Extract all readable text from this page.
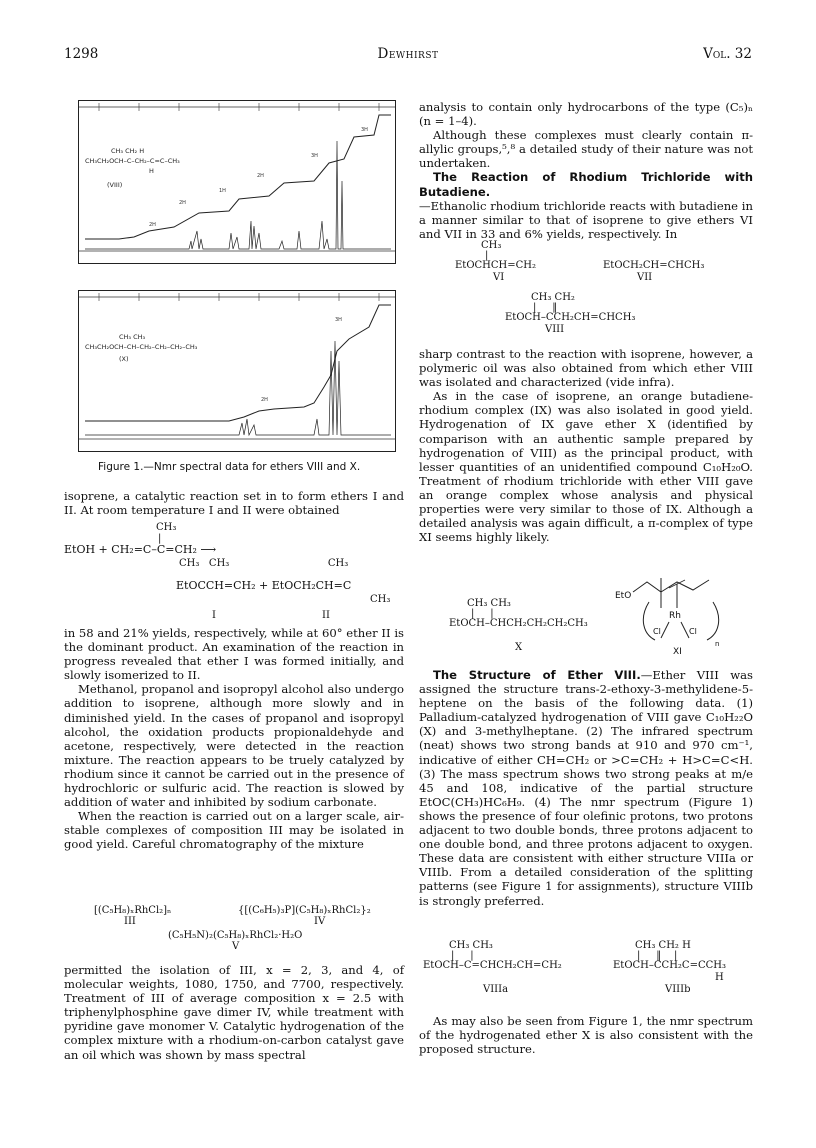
1298	Dewhirst	Vol. 32
2H
2H
1H
2H
3H
3H
CH₃ CH₂ H
CH₃CH₂OCH–C–CH₂–C=C–CH₃
H
(VIII)
2H
3H
CH₃ CH₃
CH₃CH₂OCH–CH–CH₂–CH₂–CH₂–CH₃
(X)
Figure 1.—Nmr spectral data for ethers VIII and X.

isoprene, a catalytic reaction set in to form ethers I and II. At room temperature I and II were obtained

CH₃
|
EtOH + CH₂=C–C=CH₂ ⟶
CH₃   CH₃                               CH₃
EtOCCH=CH₂ + EtOCH₂CH=C
CH₃
I	II

in 58 and 21% yields, respectively, while at 60° ether II is the dominant product. An examination of the reaction in progress revealed that ether I was formed initially, and slowly isomerized to II.

Methanol, propanol and isopropyl alcohol also undergo addition to isoprene, although more slowly and in diminished yield. In the cases of propanol and isopropyl alcohol, the oxidation products propionaldehyde and acetone, respectively, were detected in the reaction mixture. The reaction appears to be truely catalyzed by rhodium since it cannot be carried out in the presence of hydrochloric or sulfuric acid. The reaction is slowed by addition of water and inhibited by sodium carbonate.

When the reaction is carried out on a larger scale, air-stable complexes of composition III may be isolated in good yield. Careful chromatography of the mixture

[(C₅H₈)ₓRhCl₂]ₙ	{[(C₆H₅)₃P](C₅H₈)ₓRhCl₂}₂
III	IV
(C₅H₅N)₂(C₅H₈)ₓRhCl₂·H₂O
V

permitted the isolation of III, x = 2, 3, and 4, of molecular weights, 1080, 1750, and 7700, respectively. Treatment of III of average composition x = 2.5 with triphenylphosphine gave dimer IV, while treatment with pyridine gave monomer V. Catalytic hydrogenation of the complex mixture with a rhodium-on-carbon catalyst gave an oil which was shown by mass spectral

analysis to contain only hydrocarbons of the type (C₅)ₙ (n = 1–4).

Although these complexes must clearly contain π-allylic groups,⁵,⁸ a detailed study of their nature was not undertaken.

The Reaction of Rhodium Trichloride with Butadiene.

—Ethanolic rhodium trichloride reacts with butadiene in a manner similar to that of isoprene to give ethers VI and VII in 33 and 6% yields, respectively. In

CH₃
|
EtOCHCH=CH₂	EtOCH₂CH=CHCH₃
VI	VII
CH₃ CH₂
|     ‖
EtOCH–CCH₂CH=CHCH₃
VIII

sharp contrast to the reaction with isoprene, however, a polymeric oil was also obtained from which ether VIII was isolated and characterized (vide infra).

As in the case of isoprene, an orange butadiene-rhodium complex (IX) was also isolated in good yield. Hydrogenation of IX gave ether X (identified by comparison with an authentic sample prepared by hydrogenation of VIII) as the principal product, with lesser quantities of an unidentified compound C₁₀H₂₀O. Treatment of rhodium trichloride with ether VIII gave an orange complex whose analysis and physical properties were very similar to those of IX. Although a detailed analysis was again difficult, a π-complex of type XI seems highly likely.

CH₃ CH₃
|     |
EtOCH–CHCH₂CH₂CH₂CH₃
X
EtO
Rh
Cl	Cl
n
XI

The Structure of Ether VIII.—Ether VIII was assigned the structure trans-2-ethoxy-3-methylidene-5-heptene on the basis of the following data. (1) Palladium-catalyzed hydrogenation of VIII gave C₁₀H₂₂O (X) and 3-methylheptane. (2) The infrared spectrum (neat) shows two strong bands at 910 and 970 cm⁻¹, indicative of either CH=CH₂ or >C=CH₂ + H>C=C<H. (3) The mass spectrum shows two strong peaks at m/e 45 and 108, indicative of the partial structure EtOC(CH₃)HC₆H₉. (4) The nmr spectrum (Figure 1) shows the presence of four olefinic protons, two protons adjacent to two double bonds, three protons adjacent to one double bond, and three protons adjacent to oxygen. These data are consistent with either structure VIIIa or VIIIb. From a detailed consideration of the splitting patterns (see Figure 1 for assignments), structure VIIIb is strongly preferred.

CH₃ CH₃
|     |
EtOCH–C=CHCH₂CH=CH₂
VIIIa
CH₃ CH₂ H
|     ‖    |
EtOCH–CCH₂C=CCH₃
H
VIIIb

As may also be seen from Figure 1, the nmr spectrum of the hydrogenated ether X is also consistent with the proposed structure.
